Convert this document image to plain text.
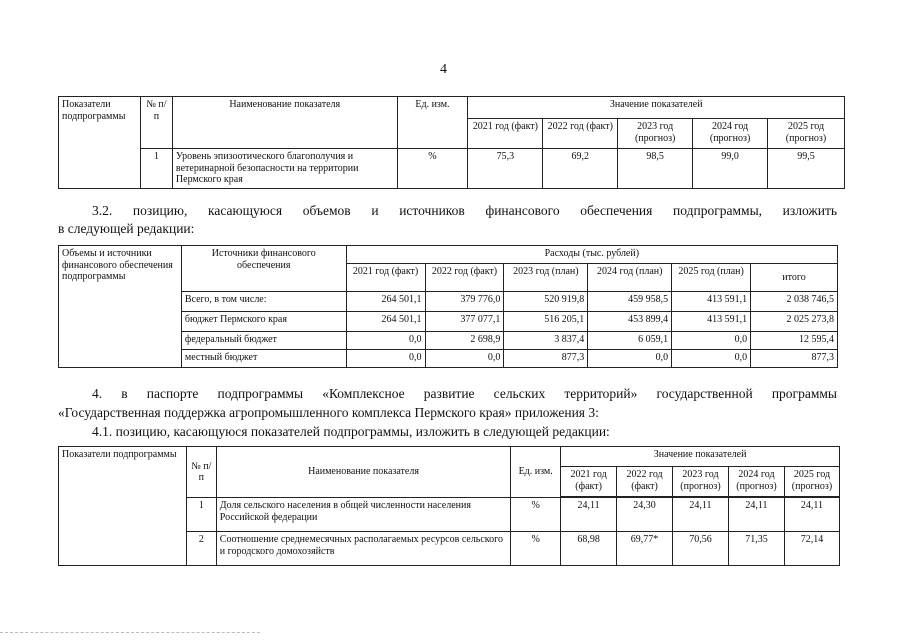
4
Показатели подпрограммы	№ п/п	Наименование показателя	Ед. изм.	Значение показателей				
				2021 год (факт)	2022 год (факт)	2023 год (прогноз)	2024 год (прогноз)	2025 год (прогноз)
	1	Уровень эпизоотического благополучия и ветеринарной безопасности на территории Пермского края	%	75,3	69,2	98,5	99,0	99,5
3.2. позицию, касающуюся объемов и источников финансового обеспечения подпрограммы, изложить
в следующей редакции:
Объемы и источники финансового обеспечения подпрограммы	Источники финансового обеспечения	Расходы (тыс. рублей)					
		2021 год (факт)	2022 год (факт)	2023 год (план)	2024 год (план)	2025 год (план)	итого
	Всего, в том числе:	264 501,1	379 776,0	520 919,8	459 958,5	413 591,1	2 038 746,5
	бюджет Пермского края	264 501,1	377 077,1	516 205,1	453 899,4	413 591,1	2 025 273,8
	федеральный бюджет	0,0	2 698,9	3 837,4	6 059,1	0,0	12 595,4
	местный бюджет	0,0	0,0	877,3	0,0	0,0	877,3
4. в паспорте подпрограммы «Комплексное развитие сельских территорий» государственной программы
«Государственная поддержка агропромышленного комплекса Пермского края» приложения 3:
4.1. позицию, касающуюся показателей подпрограммы, изложить в следующей редакции:
Показатели подпрограммы	№ п/п	Наименование показателя	Ед. изм.	Значение показателей				
				2021 год (факт)	2022 год (факт)	2023 год (прогноз)	2024 год (прогноз)	2025 год (прогноз)

	1	Доля сельского населения в общей численности населения Российской федерации	%	24,11	24,30	24,11	24,11	24,11
	2	Соотношение среднемесячных располагаемых ресурсов сельского и городского домохозяйств	%	68,98	69,77*	70,56	71,35	72,14
